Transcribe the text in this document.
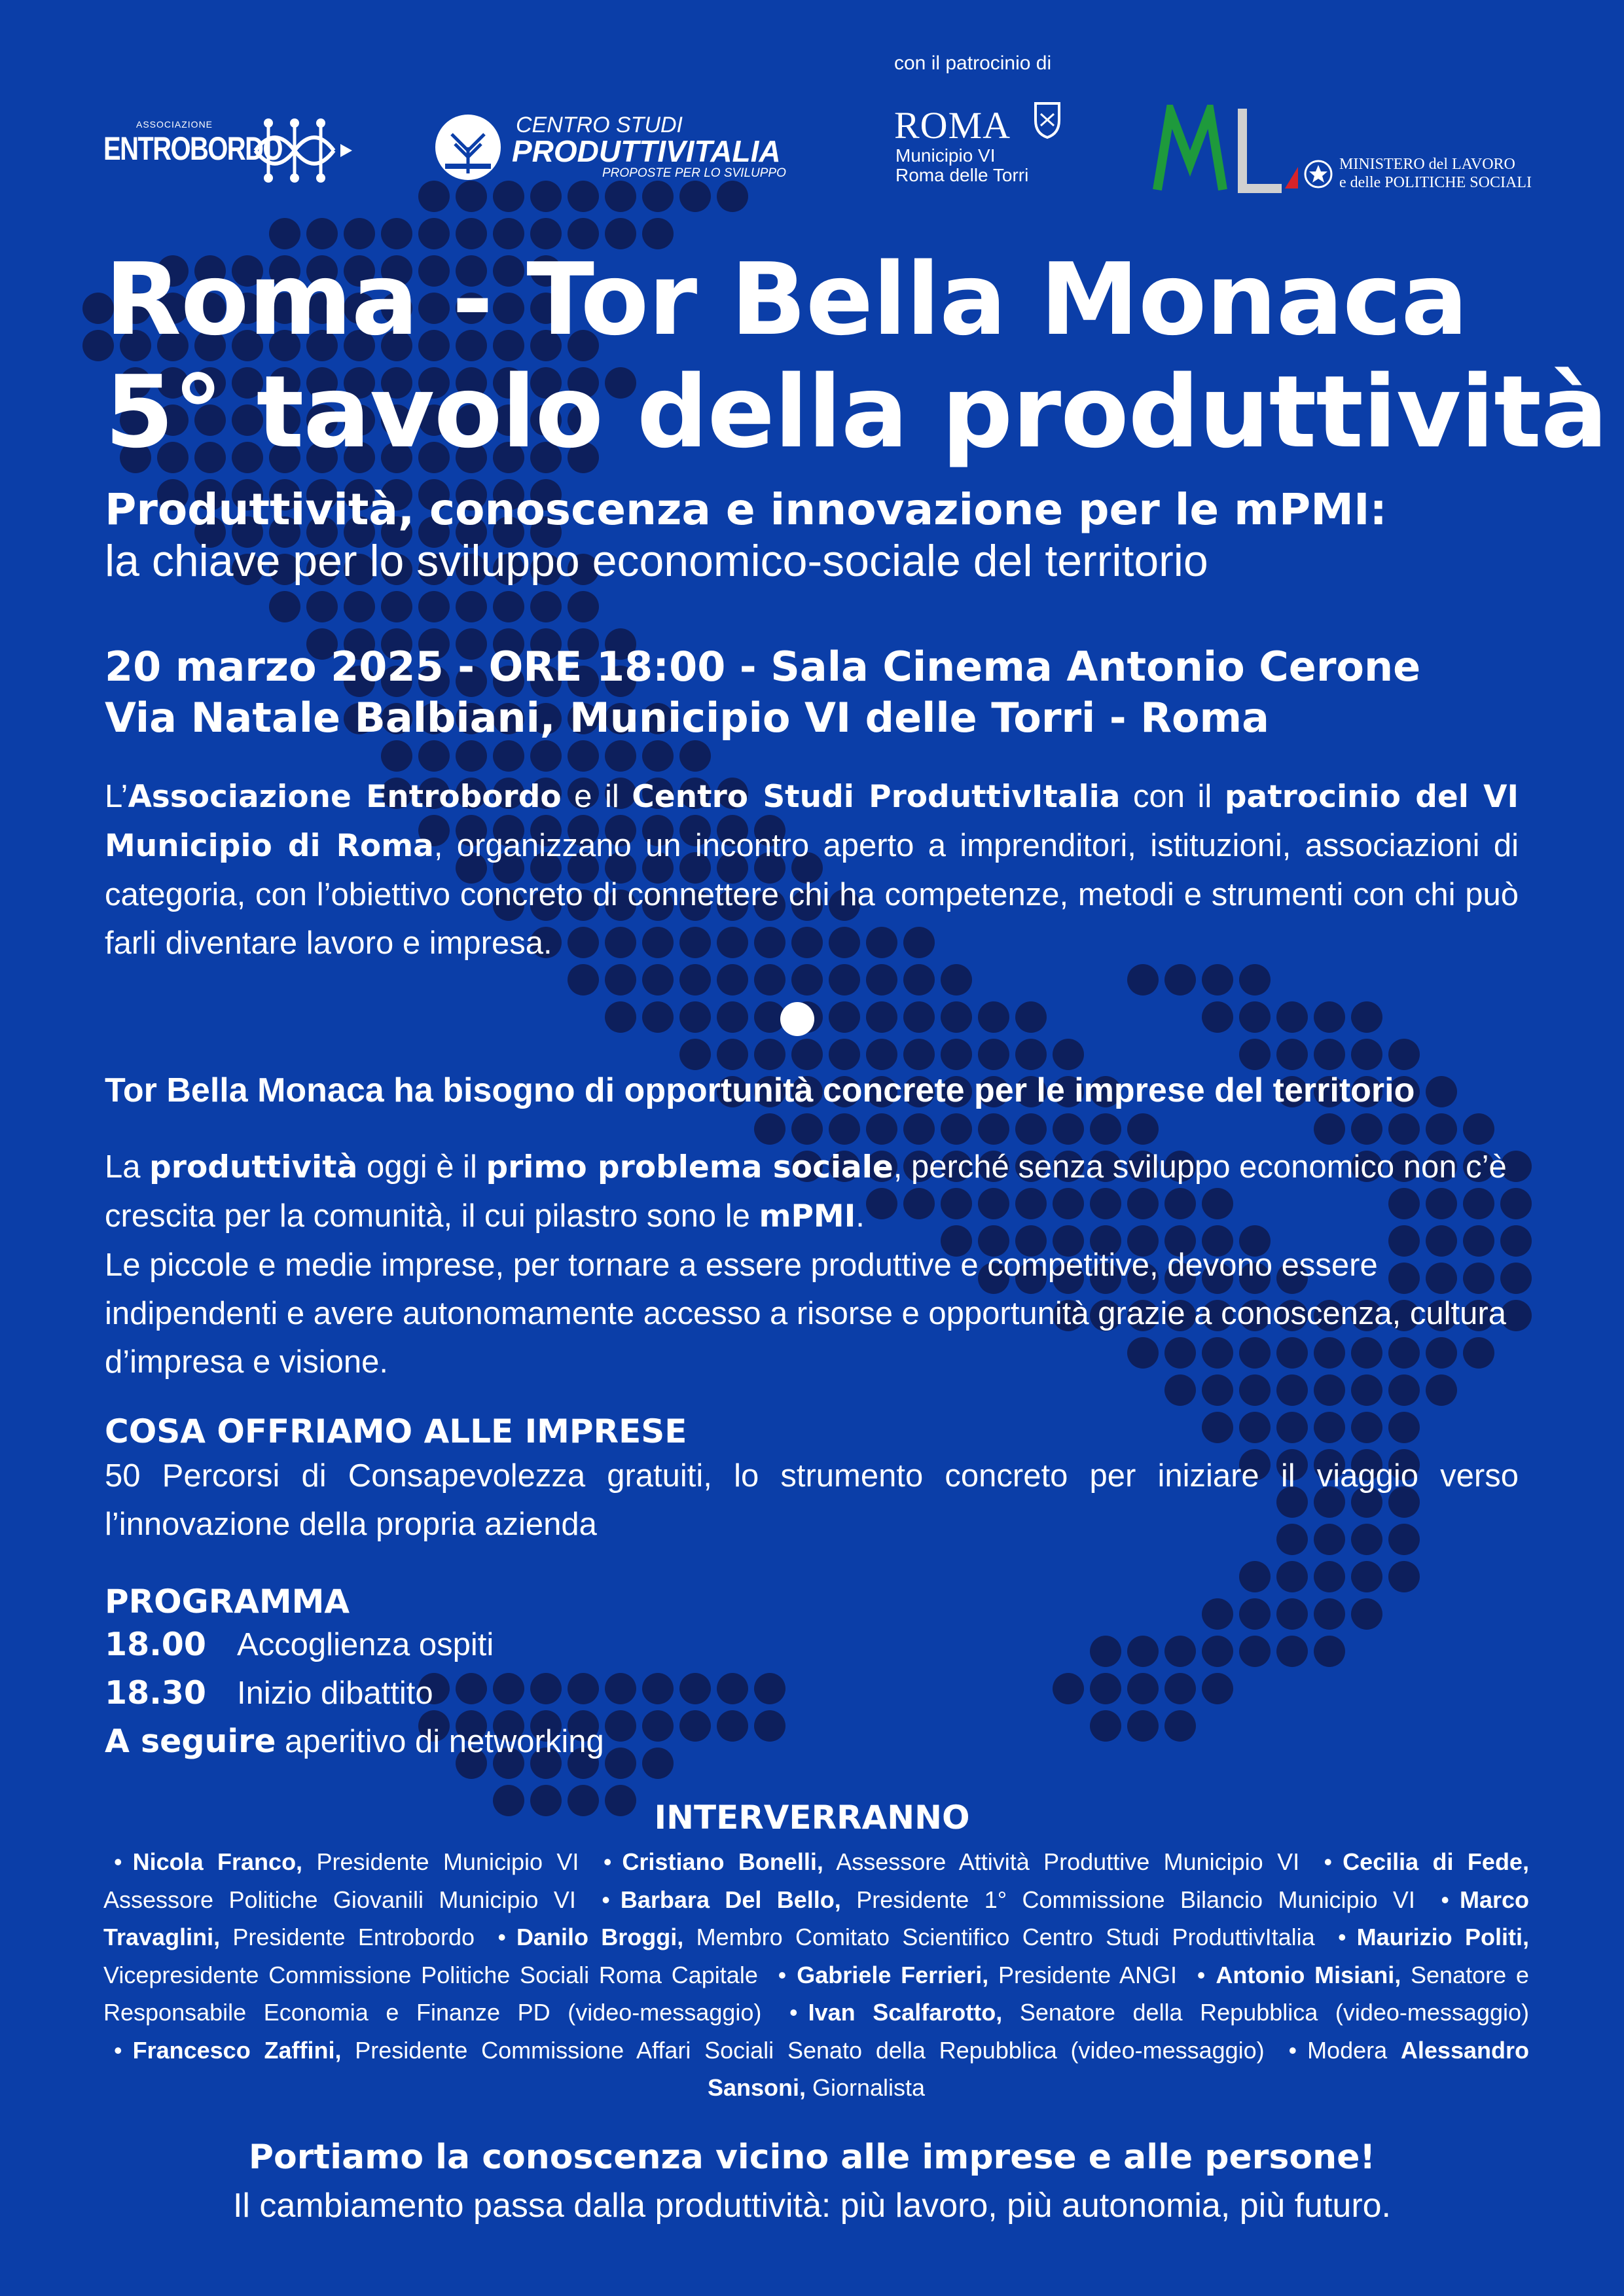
con il patrocinio di
ASSOCIAZIONE
ENTROBORDO
CENTRO STUDI
PRODUTTIVITALIA
PROPOSTE PER LO SVILUPPO
ROMA
Municipio VI
Roma delle Torri
MINISTERO del LAVORO
e delle POLITICHE SOCIALI
Roma - Tor Bella Monaca
5° tavolo della produttività
Produttività, conoscenza e innovazione per le mPMI:
la chiave per lo sviluppo economico-sociale del territorio
20 marzo 2025 - ORE 18:00 - Sala Cinema Antonio Cerone
Via Natale Balbiani, Municipio VI delle Torri - Roma
L’Associazione Entrobordo e il Centro Studi ProduttivItalia con il patrocinio del VI Municipio di Roma, organizzano un incontro aperto a imprenditori, istituzioni, associazioni di categoria, con l’obiettivo concreto di connettere chi ha competenze, metodi e strumenti con chi può farli diventare lavoro e impresa.
Tor Bella Monaca ha bisogno di opportunità concrete per le imprese del territorio
La produttività oggi è il primo problema sociale, perché senza sviluppo economico non c’è crescita per la comunità, il cui pilastro sono le mPMI.
Le piccole e medie imprese, per tornare a essere produttive e competitive, devono essere indipendenti e avere autonomamente accesso a risorse e opportunità grazie a conoscenza, cultura d’impresa e visione.
COSA OFFRIAMO ALLE IMPRESE
50 Percorsi di Consapevolezza gratuiti, lo strumento concreto per iniziare il viaggio verso l’innovazione della propria azienda
PROGRAMMA
18.00 Accoglienza ospiti
18.30 Inizio dibattito
A seguire aperitivo di networking
INTERVERRANNO
• Nicola Franco, Presidente Municipio VI • Cristiano Bonelli, Assessore Attività Produttive Municipio VI • Cecilia di Fede, Assessore Politiche Giovanili Municipio VI • Barbara Del Bello, Presidente 1° Commissione Bilancio Municipio VI • Marco Travaglini, Presidente Entrobordo • Danilo Broggi, Membro Comitato Scientifico Centro Studi ProduttivItalia • Maurizio Politi, Vicepresidente Commissione Politiche Sociali Roma Capitale • Gabriele Ferrieri, Presidente ANGI • Antonio Misiani, Senatore e Responsabile Economia e Finanze PD (video-messaggio) • Ivan Scalfarotto, Senatore della Repubblica (video-messaggio) • Francesco Zaffini, Presidente Commissione Affari Sociali Senato della Repubblica (video-messaggio) • Modera Alessandro Sansoni, Giornalista
Portiamo la conoscenza vicino alle imprese e alle persone!
Il cambiamento passa dalla produttività: più lavoro, più autonomia, più futuro.
